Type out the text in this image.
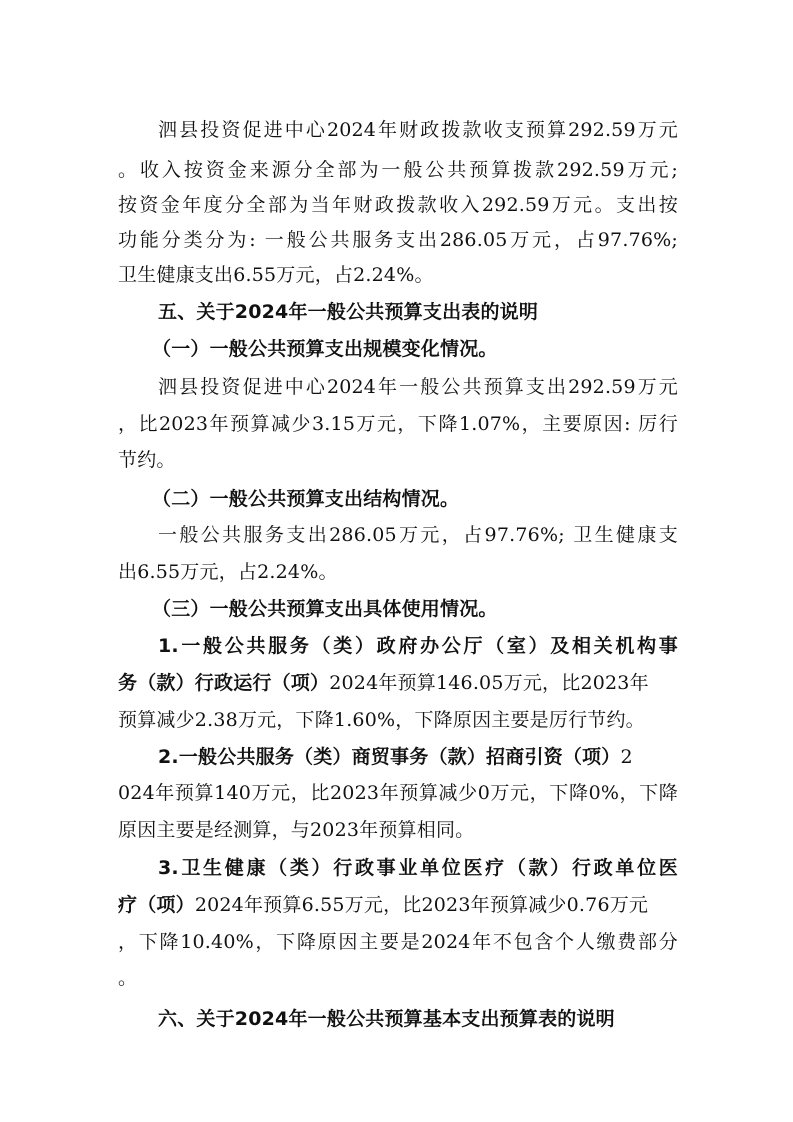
泗县投资促进中心2024年财政拨款收支预算292.59万元
。收入按资金来源分全部为一般公共预算拨款292.59万元;
按资金年度分全部为当年财政拨款收入292.59万元。支出按
功能分类分为: 一般公共服务支出286.05万元，占97.76%;
卫生健康支出6.55万元，占2.24%。
五、关于2024年一般公共预算支出表的说明
（一）一般公共预算支出规模变化情况。
泗县投资促进中心2024年一般公共预算支出292.59万元
，比2023年预算减少3.15万元，下降1.07%，主要原因: 厉行
节约。
（二）一般公共预算支出结构情况。
一般公共服务支出286.05万元，占97.76%; 卫生健康支
出6.55万元，占2.24%。
（三）一般公共预算支出具体使用情况。
1.一般公共服务（类）政府办公厅（室）及相关机构事
务（款）行政运行（项）2024年预算146.05万元，比2023年
预算减少2.38万元，下降1.60%，下降原因主要是厉行节约。
2.一般公共服务（类）商贸事务（款）招商引资（项）2
024年预算140万元，比2023年预算减少0万元，下降0%，下降
原因主要是经测算，与2023年预算相同。
3.卫生健康（类）行政事业单位医疗（款）行政单位医
疗（项）2024年预算6.55万元，比2023年预算减少0.76万元
，下降10.40%，下降原因主要是2024年不包含个人缴费部分
。
六、关于2024年一般公共预算基本支出预算表的说明
